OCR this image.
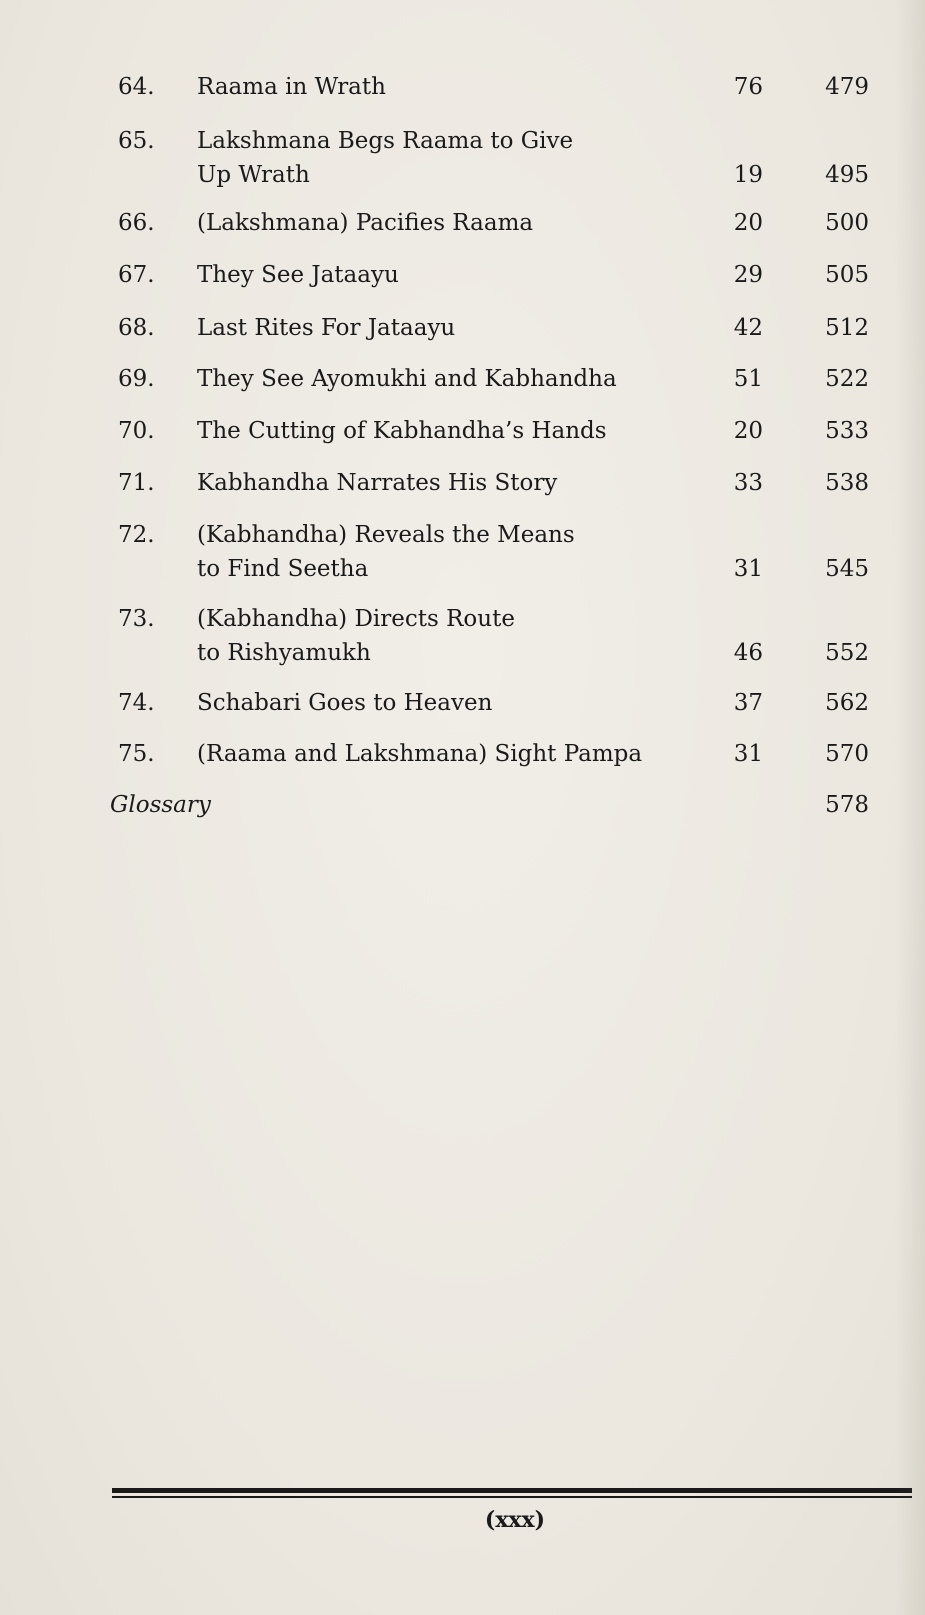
64. Raama in Wrath	76	479
65. Lakshmana Begs Raama to Give
Up Wrath	19	495
66. (Lakshmana) Pacifies Raama	20	500
67. They See Jataayu	29	505
68. Last Rites For Jataayu	42	512
69. They See Ayomukhi and Kabhandha	51	522
70. The Cutting of Kabhandha’s Hands	20	533
71. Kabhandha Narrates His Story	33	538
72. (Kabhandha) Reveals the Means
to Find Seetha	31	545
73. (Kabhandha) Directs Route
to Rishyamukh	46	552
74. Schabari Goes to Heaven	37	562
75. (Raama and Lakshmana) Sight Pampa	31	570
Glossary	578
(xxx)
